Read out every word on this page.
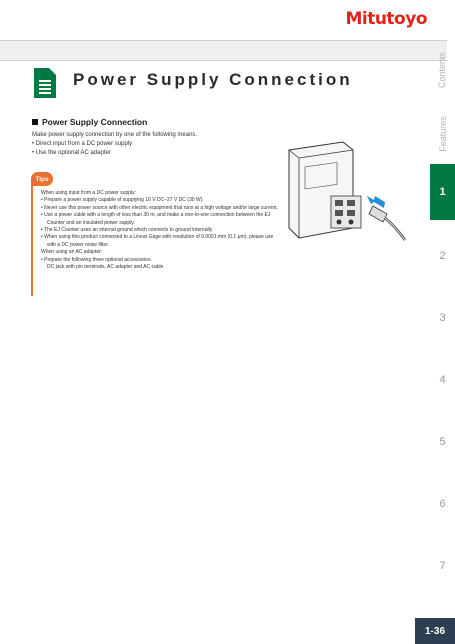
Mitutoyo
Power Supply Connection
Power Supply Connection
Make power supply connection by one of the following means.
• Direct input from a DC power supply
• Use the optional AC adapter
Tips
When using input from a DC power supply:
• Prepare a power supply capable of supplying 10 V DC–27 V DC (30 W).
• Never use this power source with other electric equipment that runs at a high voltage and/or large current.
• Use a power cable with a length of less than 30 m, and make a one-to-one connection between the EJ
Counter and an insulated power supply.
• The EJ Counter uses an internal ground which connects to ground internally.
• When using this product connected to a Linear Gage with resolution of 0.0001 mm (0.1 μm), please use
with a DC power noise filter.
When using an AC adapter:
• Prepare the following three optional accessories.
DC jack with pin terminals, AC adapter and AC cable.
Contents
Features
1
2
3
4
5
6
7
1-36
